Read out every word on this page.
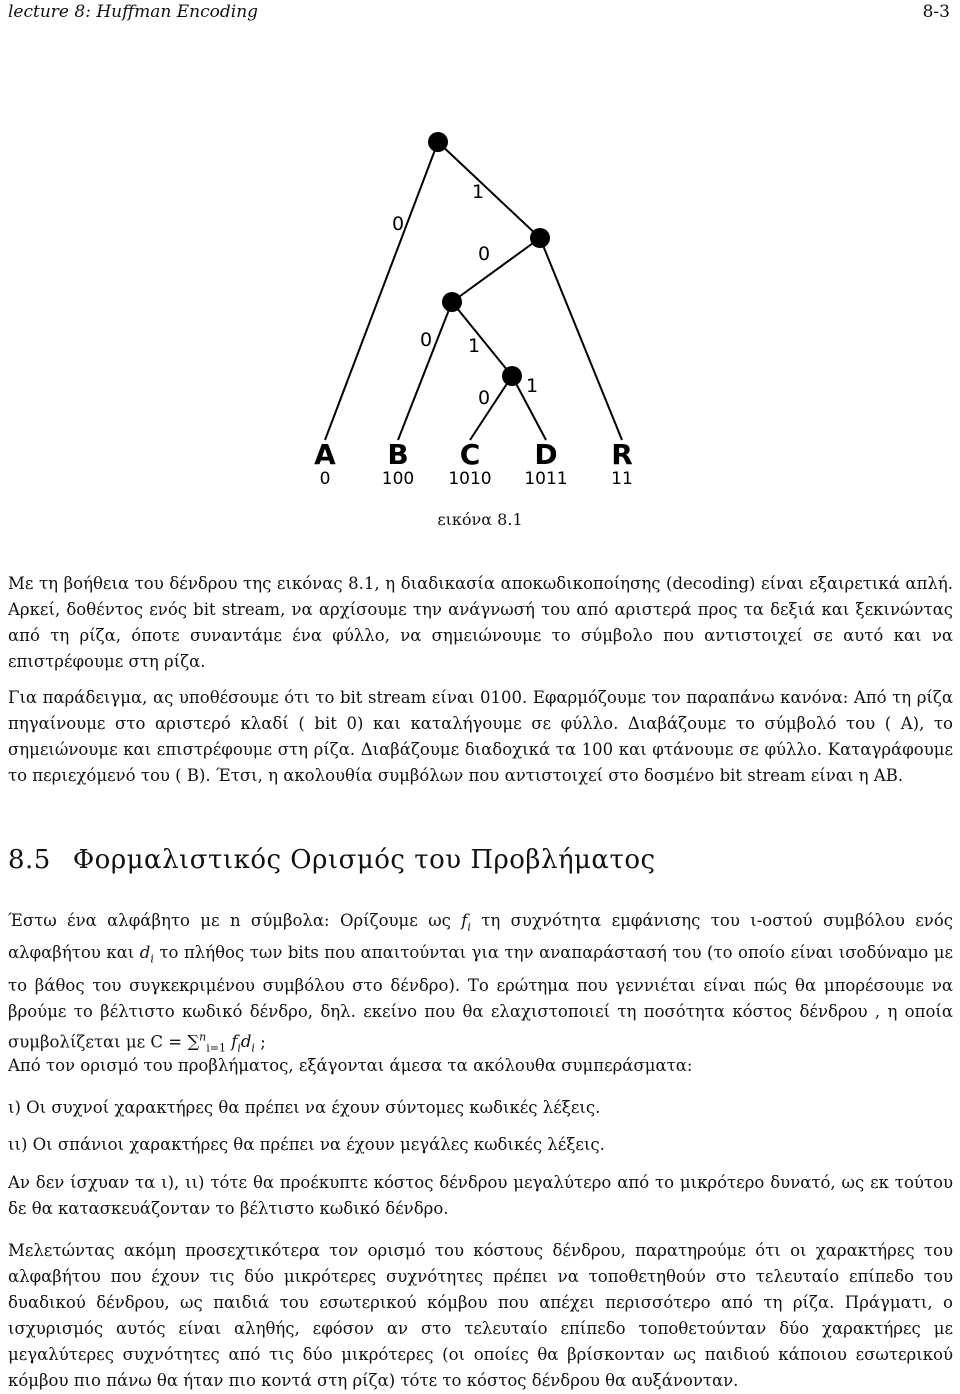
lecture 8: Huffman Encoding	8-3
0
1
0
0 1
0
1
A B C D R
0	100 1010 1011	11
εικόνα 8.1

Με τη βοήθεια του δένδρου της εικόνας 8.1, η διαδικασία αποκωδικοποίησης (decoding) είναι εξαιρετικά απλή. Αρκεί, δοθέντος ενός bit stream, να αρχίσουμε την ανάγνωσή του από αριστερά προς τα δεξιά και ξεκινώντας από τη ρίζα, όποτε συναντάμε ένα φύλλο, να σημειώνουμε το σύμβολο που αντιστοιχεί σε αυτό και να επιστρέφουμε στη ρίζα.

Για παράδειγμα, ας υποθέσουμε ότι το bit stream είναι 0100. Εφαρμόζουμε τον παραπάνω κανόνα: Από τη ρίζα πηγαίνουμε στο αριστερό κλαδί ( bit 0) και καταλήγουμε σε φύλλο. Διαβάζουμε το σύμβολό του ( A), το σημειώνουμε και επιστρέφουμε στη ρίζα. Διαβάζουμε διαδοχικά τα 100 και φτάνουμε σε φύλλο. Καταγράφουμε το περιεχόμενό του ( B). Έτσι, η ακολουθία συμβόλων που αντιστοιχεί στο δοσμένο bit stream είναι η AB.

8.5 Φορμαλιστικός Ορισμός του Προβλήματος

Έστω ένα αλφάβητο με n σύμβολα: Ορίζουμε ως $f_i$ τη συχνότητα εμφάνισης του ι-οστού συμβόλου ενός αλφαβήτου και $d_i$ το πλήθος των bits που απαιτούνται για την αναπαράστασή του (το οποίο είναι ισοδύναμο με το βάθος του συγκεκριμένου συμβόλου στο δένδρο). Το ερώτημα που γεννιέται είναι πώς θα μπορέσουμε να βρούμε το βέλτιστο κωδικό δένδρο, δηλ. εκείνο που θα ελαχιστοποιεί τη ποσότητα κόστος δένδρου , η οποία συμβολίζεται με C = ∑$^n_{i=1}$ $f_id_i$ ;

Από τον ορισμό του προβλήματος, εξάγονται άμεσα τα ακόλουθα συμπεράσματα:

ι) Οι συχνοί χαρακτήρες θα πρέπει να έχουν σύντομες κωδικές λέξεις.

ιι) Οι σπάνιοι χαρακτήρες θα πρέπει να έχουν μεγάλες κωδικές λέξεις.

Αν δεν ίσχυαν τα ι), ιι) τότε θα προέκυπτε κόστος δένδρου μεγαλύτερο από το μικρότερο δυνατό, ως εκ τούτου δε θα κατασκευάζονταν το βέλτιστο κωδικό δένδρο.

Μελετώντας ακόμη προσεχτικότερα τον ορισμό του κόστους δένδρου, παρατηρούμε ότι οι χαρακτήρες του αλφαβήτου που έχουν τις δύο μικρότερες συχνότητες πρέπει να τοποθετηθούν στο τελευταίο επίπεδο του δυαδικού δένδρου, ως παιδιά του εσωτερικού κόμβου που απέχει περισσότερο από τη ρίζα. Πράγματι, ο ισχυρισμός αυτός είναι αληθής, εφόσον αν στο τελευταίο επίπεδο τοποθετούνταν δύο χαρακτήρες με μεγαλύτερες συχνότητες από τις δύο μικρότερες (οι οποίες θα βρίσκονταν ως παιδιού κάποιου εσωτερικού κόμβου πιο πάνω θα ήταν πιο κοντά στη ρίζα) τότε το κόστος δένδρου θα αυξάνονταν.
